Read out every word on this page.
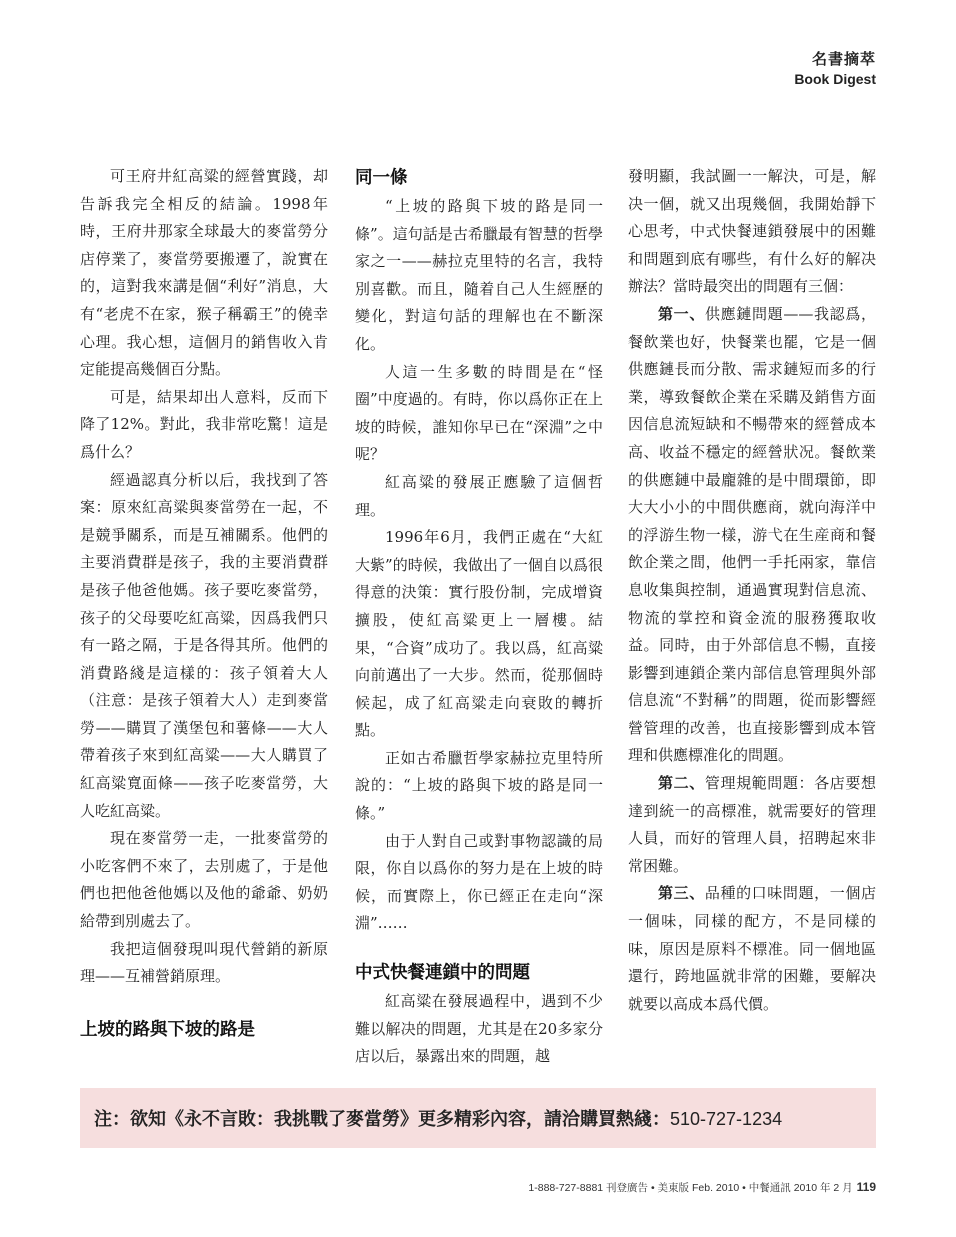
名書摘萃
Book Digest

可王府井紅高粱的經營實踐，却告訴我完全相反的結論。1998年時，王府井那家全球最大的麥當勞分店停業了，麥當勞要搬遷了，說實在的，這對我來講是個“利好”消息，大有“老虎不在家，猴子稱霸王”的僥幸心理。我心想，這個月的銷售收入肯定能提高幾個百分點。

可是，結果却出人意料，反而下降了12%。對此，我非常吃驚！這是爲什么？

經過認真分析以后，我找到了答案：原來紅高粱與麥當勞在一起，不是競爭關系，而是互補關系。他們的主要消費群是孩子，我的主要消費群是孩子他爸他媽。孩子要吃麥當勞，孩子的父母要吃紅高粱，因爲我們只有一路之隔，于是各得其所。他們的消費路綫是這樣的：孩子領着大人（注意：是孩子領着大人）走到麥當勞——購買了漢堡包和薯條——大人帶着孩子來到紅高粱——大人購買了紅高粱寬面條——孩子吃麥當勞，大人吃紅高粱。

現在麥當勞一走，一批麥當勞的小吃客們不來了，去別處了，于是他們也把他爸他媽以及他的爺爺、奶奶給帶到別處去了。

我把這個發現叫現代營銷的新原理——互補營銷原理。

上坡的路與下坡的路是
同一條

“上坡的路與下坡的路是同一條”。這句話是古希臘最有智慧的哲學家之一——赫拉克里特的名言，我特別喜歡。而且，隨着自己人生經歷的變化，對這句話的理解也在不斷深化。

人這一生多數的時間是在“怪圈”中度過的。有時，你以爲你正在上坡的時候，誰知你早已在“深淵”之中呢？

紅高粱的發展正應驗了這個哲理。

1996年6月，我們正處在“大紅大紫”的時候，我做出了一個自以爲很得意的決策：實行股份制，完成增資擴股，使紅高粱更上一層樓。結果，“合資”成功了。我以爲，紅高粱向前邁出了一大步。然而，從那個時候起，成了紅高粱走向衰敗的轉折點。

正如古希臘哲學家赫拉克里特所說的：“上坡的路與下坡的路是同一條。”

由于人對自己或對事物認識的局限，你自以爲你的努力是在上坡的時候，而實際上，你已經正在走向“深淵”……

中式快餐連鎖中的問題

紅高粱在發展過程中，遇到不少難以解决的問題，尤其是在20多家分店以后，暴露出來的問題，越

發明顯，我試圖一一解決，可是，解决一個，就又出現幾個，我開始靜下心思考，中式快餐連鎖發展中的困難和問題到底有哪些，有什么好的解决辦法？當時最突出的問題有三個：

第一、供應鏈問題——我認爲，餐飲業也好，快餐業也罷，它是一個供應鏈長而分散、需求鏈短而多的行業，導致餐飲企業在采購及銷售方面因信息流短缺和不暢帶來的經營成本高、收益不穩定的經營狀况。餐飲業的供應鏈中最龐雜的是中間環節，即大大小小的中間供應商，就向海洋中的浮游生物一樣，游弋在生産商和餐飲企業之間，他們一手托兩家，靠信息收集與控制，通過實現對信息流、物流的掌控和資金流的服務獲取收益。同時，由于外部信息不暢，直接影響到連鎖企業内部信息管理與外部信息流“不對稱”的問題，從而影響經營管理的改善，也直接影響到成本管理和供應標准化的問題。

第二、管理規範問題：各店要想達到統一的高標准，就需要好的管理人員，而好的管理人員，招聘起來非常困難。

第三、品種的口味問題，一個店一個味，同樣的配方，不是同樣的味，原因是原料不標准。同一個地區還行，跨地區就非常的困難，要解决就要以高成本爲代價。

注：欲知《永不言敗：我挑戰了麥當勞》更多精彩內容，請洽購買熱綫：510-727-1234
1-888-727-8881 刊登廣告 • 美東版 Feb. 2010 • 中餐通訊 2010 年 2 月 119
